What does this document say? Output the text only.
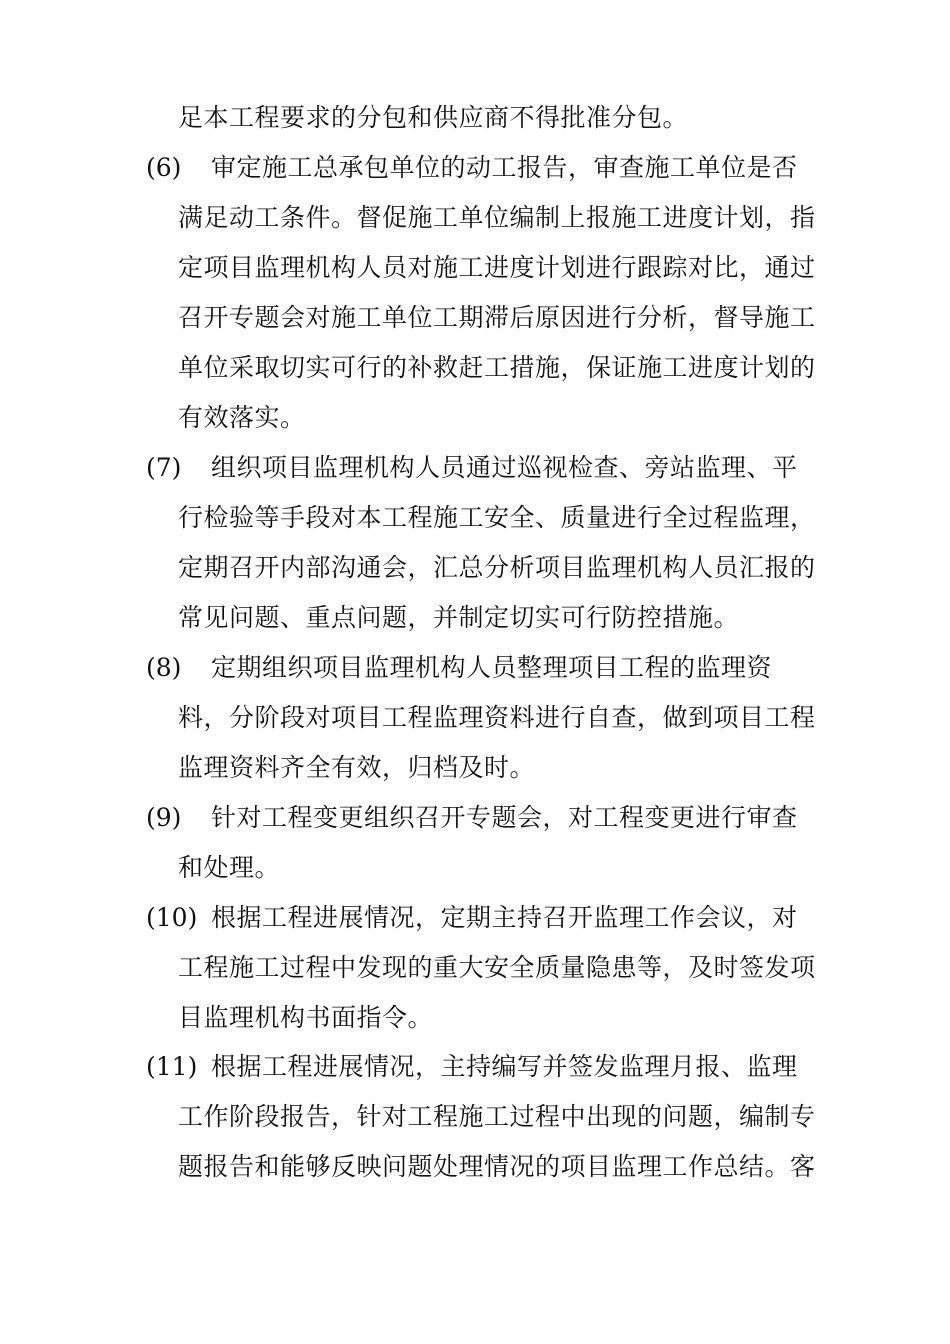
足本工程要求的分包和供应商不得批准分包。
(6) 审定施工总承包单位的动工报告，审查施工单位是否
满足动工条件。督促施工单位编制上报施工进度计划，指
定项目监理机构人员对施工进度计划进行跟踪对比，通过
召开专题会对施工单位工期滞后原因进行分析，督导施工
单位采取切实可行的补救赶工措施，保证施工进度计划的
有效落实。
(7) 组织项目监理机构人员通过巡视检查、旁站监理、平
行检验等手段对本工程施工安全、质量进行全过程监理，
定期召开内部沟通会，汇总分析项目监理机构人员汇报的
常见问题、重点问题，并制定切实可行防控措施。
(8) 定期组织项目监理机构人员整理项目工程的监理资
料，分阶段对项目工程监理资料进行自查，做到项目工程
监理资料齐全有效，归档及时。
(9) 针对工程变更组织召开专题会，对工程变更进行审查
和处理。
(10) 根据工程进展情况，定期主持召开监理工作会议，对
工程施工过程中发现的重大安全质量隐患等，及时签发项
目监理机构书面指令。
(11) 根据工程进展情况，主持编写并签发监理月报、监理
工作阶段报告，针对工程施工过程中出现的问题，编制专
题报告和能够反映问题处理情况的项目监理工作总结。客
